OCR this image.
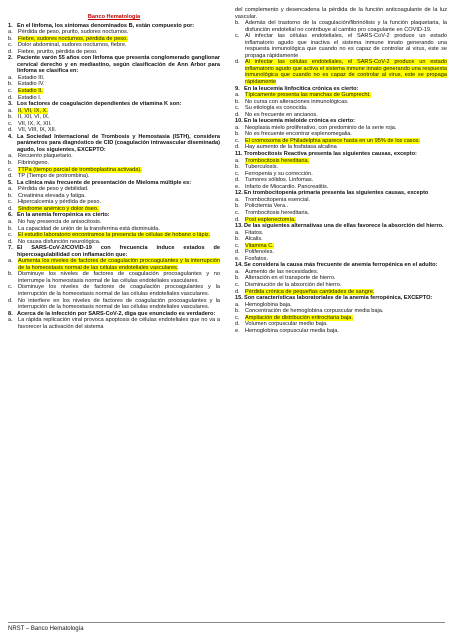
Banco Hematología
1. En el linfoma, los síntomas denominados B, están compuesto por:
a. Pérdida de peso, prurito, sudores nocturnos.
b. Fiebre, sudores nocturnos, pérdida de peso.
c. Dolor abdominal, sudores nocturnos, fiebre.
d. Fiebre, prurito, pérdida de peso.
2. Paciente varón 55 años con linfoma que presenta conglomerado ganglionar cervical derecho y en mediastino, según clasificación de Ann Arbor para linfoma se clasifica en:
a. Estadio III.
b. Estadio IV.
c. Estadio II.
d. Estadio I.
3. Los factores de coagulación dependientes de vitamina K son:
a. II, VII, IX, X.
b. II, XII, VI, IX.
c. VII, IX, X, XII.
d. VII, VIII, IX, XII.
4. La Sociedad Internacional de Trombosis y Hemostasia (ISTH), considera parámetros para diagnóstico de CID (coagulación intravascular diseminada) agudo, los siguientes, EXCEPTO:
a. Recuento plaquetario.
b. Fibrinógeno.
c. TTPa (tiempo parcial de tromboplastina activada).
d. TP (Tiempo de protrombina).
5. La clínica más frecuente de presentación de Mieloma múltiple es:
a. Pérdida de peso y debilidad.
b. Creatinina elevada y fatiga.
c. Hipercalcemia y pérdida de peso.
d. Síndrome anémico y dolor óseo.
6. En la anemia ferropénica es cierto:
a. No hay presencia de anisocitosis.
b. La capacidad de unión de la transferrina está disminuida.
c. El estudio laboratorio encontramos la presencia de células de hobano o lápiz.
d. No causa disfunción neurológica.
7. El SARS-CoV-2/COVID-19 con frecuencia induce estados de hipercoagulabilidad con inflamación que:
a. Aumenta los niveles de factores de coagulación procoagulantes y la interrupción de la homeostasis normal de las células endoteliales vasculares.
b. Disminuye los niveles de factores de coagulación procoagulantes y no interrumpe la homeostasis normal de las células endoteliales vasculares.
c. Disminuye los niveles de factores de coagulación procoagulantes y la interrupción de la homeostasis normal de las células endoteliales vasculares.
d. No interfiere en los niveles de factores de coagulación procoagulantes y la interrupción de la homeostasis normal de las células endoteliales vasculares.
8. Acerca de la infección por SARS-CoV-2, diga que enunciado es verdadero:
a. La rápida replicación viral provoca apoptosis de células endoteliales que no va a favorecer la activación del sistema
del complemento y desencadena la pérdida de la función anticoagulante de la luz vascular.
b. Además del trastorno de la coagulación/fibrinólisis y la función plaquetaria, la disfunción endotelial no contribuye al cambio pro coagulante en COVID-19.
c. Al infectar las células endoteliales, el SARS-CoV-2 produce un estado inflamatorio agudo que inactiva el sistema inmune innato generando una respuesta inmunológica que cuando no es capaz de controlar al virus, este se propaga rápidamente
d. Al infectar las células endoteliales, el SARS-CoV-2 produce un estado inflamatorio agudo que activa el sistema inmune innato generando una respuesta inmunológica que cuando no es capaz de controlar al virus, este se propaga rápidamente
9. En la leucemia linfocítica crónica es cierto:
a. Típicamente presenta las manchas de Gumprecht.
b. No cursa con alteraciones inmunológicas.
c. Su etiología es conocida.
d. No es frecuente en ancianos.
10.En la leucemia mieloide crónica es cierto:
a. Neoplasia mielo proliferativo, con predominio de la serie roja.
b. No es frecuente encontrar esplenomegalia.
c. El cromosoma de Philadelphia aparece hasta en un 95% de los casos.
d. Hay aumento de la fosfatasa alcalina
11. Trombocitosis Reactiva presenta las siguientes causas, excepto:
a. Trombocitosis hereditaria.
b. Tuberculosis.
c. Ferropenia y su corrección.
d. Tumores sólidos. Linfomas.
e. Infarto de Miocardio. Pancreatitis.
12.En trombocitopenia primaria presenta las siguientes causas, excepto
a. Trombocitopenia esencial.
b. Policitemia Vera..
c. Trombocitosis hereditaria.
d. Post esplenectomía.
13.De las siguientes alternativas una de ellas favorece la absorción del hierro.
a. Fitatos.
b. Alcalis.
c. Vitamina C.
d. Polifenoles.
e. Fosfatos.
14.Se considera la causa más frecuente de anemia ferropénica en el adulto:
a. Aumento de las necesidades.
b. Alteración en el transporte de hierro.
c. Disminución de la absorción del hierro.
d. Pérdida crónica de pequeñas cantidades de sangre.
15.Son características laboratoriales de la anemia ferropénica, EXCEPTO:
a. Hemoglobina baja.
b. Concentración de hemoglobina corpuscular media baja.
c. Ampliación de distribución eritrocitaria baja.
d. Volumen corpuscular medio baja.
e. Hemoglobina corpuscular media baja.
NRST – Banco Hematología
